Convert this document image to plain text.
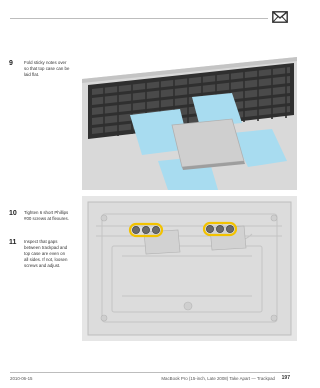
9	Fold sticky notes over so that top case can be laid flat.
10 Tighten 6 short Phillips #00 screws at flexures.
11 Inspect that gaps between trackpad and top case are even on all sides. If not, loosen screws and adjust.
2010-06-15	MacBook Pro (15-inch, Late 2008) Take Apart — Trackpad 197
